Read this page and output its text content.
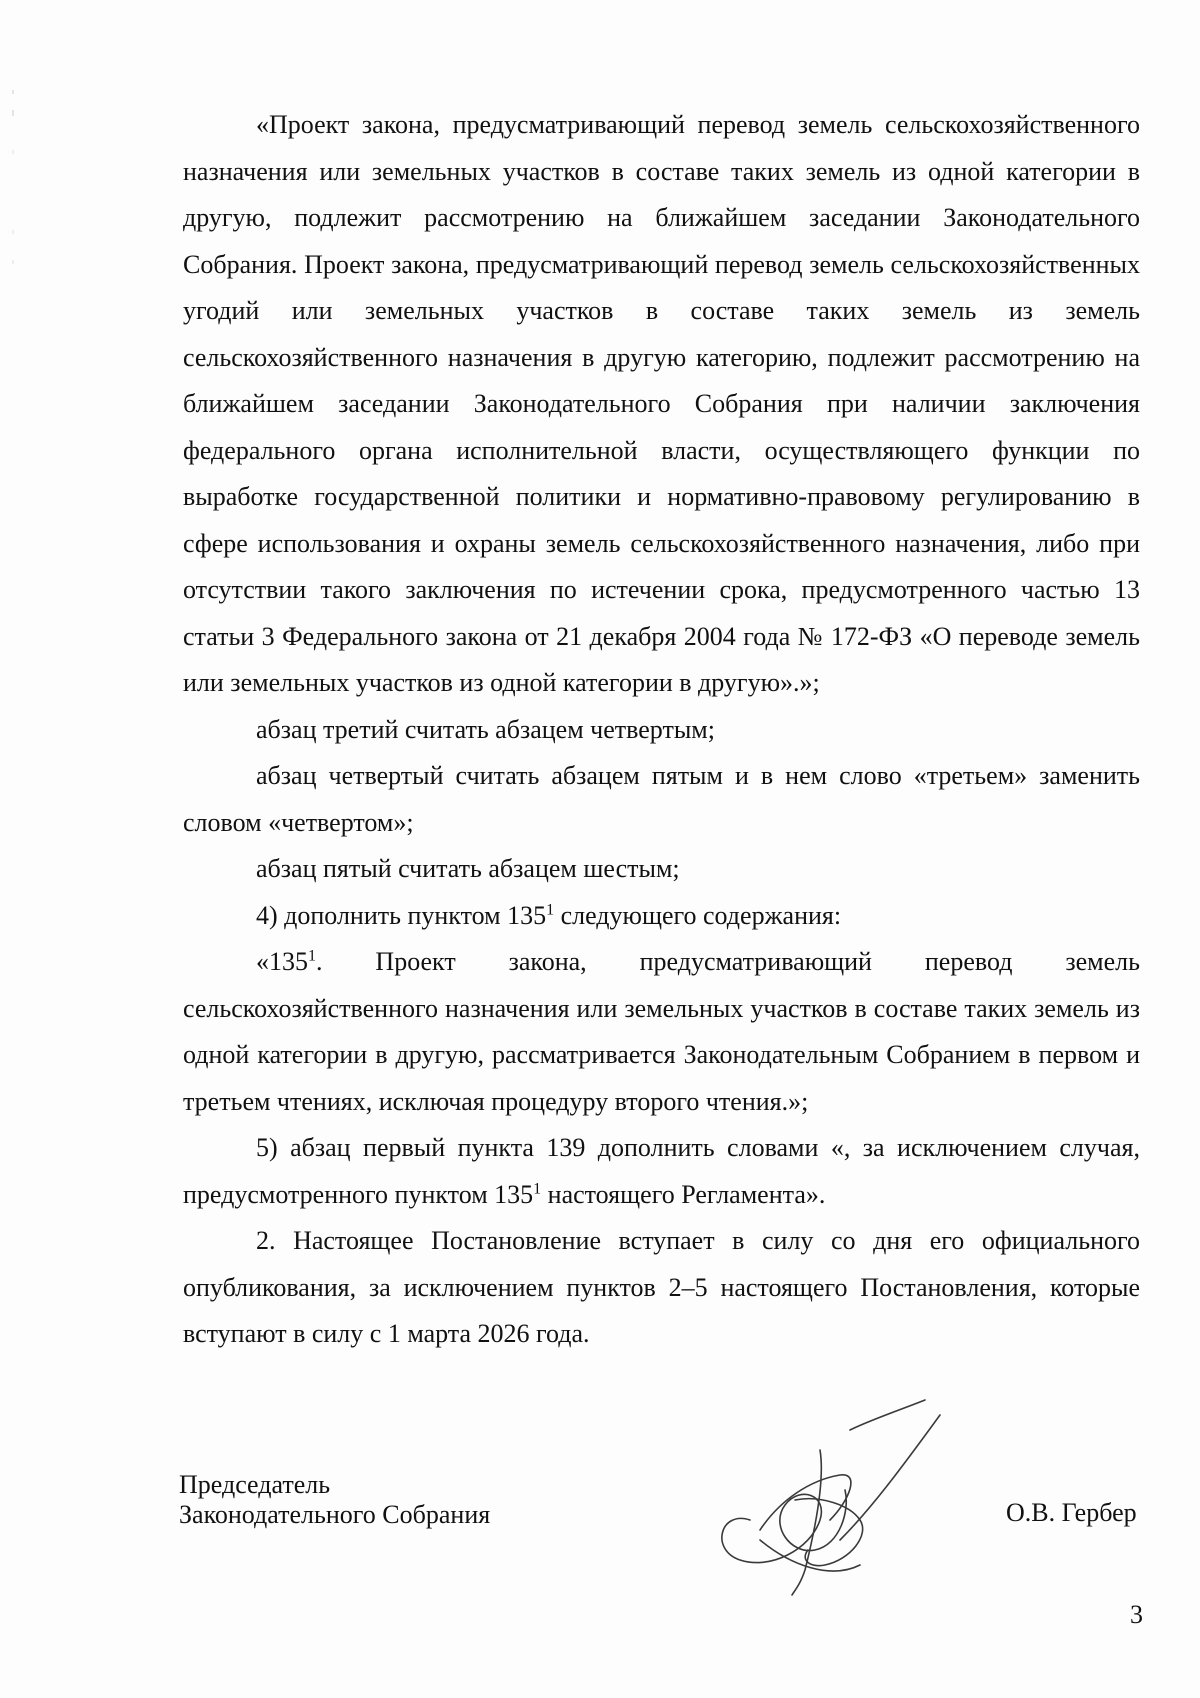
«Проект закона, предусматривающий перевод земель сельскохозяйственного назначения или земельных участков в составе таких земель из одной категории в другую, подлежит рассмотрению на ближайшем заседании Законодательного Собрания. Проект закона, предусматривающий перевод земель сельскохозяйственных угодий или земельных участков в составе таких земель из земель сельскохозяйственного назначения в другую категорию, подлежит рассмотрению на ближайшем заседании Законодательного Собрания при наличии заключения федерального органа исполнительной власти, осуществляющего функции по выработке государственной политики и нормативно-правовому регулированию в сфере использования и охраны земель сельскохозяйственного назначения, либо при отсутствии такого заключения по истечении срока, предусмотренного частью 13 статьи 3 Федерального закона от 21 декабря 2004 года № 172-ФЗ «О переводе земель или земельных участков из одной категории в другую».»;

абзац третий считать абзацем четвертым;

абзац четвертый считать абзацем пятым и в нем слово «третьем» заменить словом «четвертом»;

абзац пятый считать абзацем шестым;

4) дополнить пунктом $135^1$ следующего содержания:

«$135^1$. Проект закона, предусматривающий перевод земель сельскохозяйственного назначения или земельных участков в составе таких земель из одной категории в другую, рассматривается Законодательным Собранием в первом и третьем чтениях, исключая процедуру второго чтения.»;

5) абзац первый пункта 139 дополнить словами «, за исключением случая, предусмотренного пунктом $135^1$ настоящего Регламента».

2. Настоящее Постановление вступает в силу со дня его официального опубликования, за исключением пунктов 2–5 настоящего Постановления, которые вступают в силу с 1 марта 2026 года.

Председатель
Законодательного Собрания	О.В. Гербер
3
